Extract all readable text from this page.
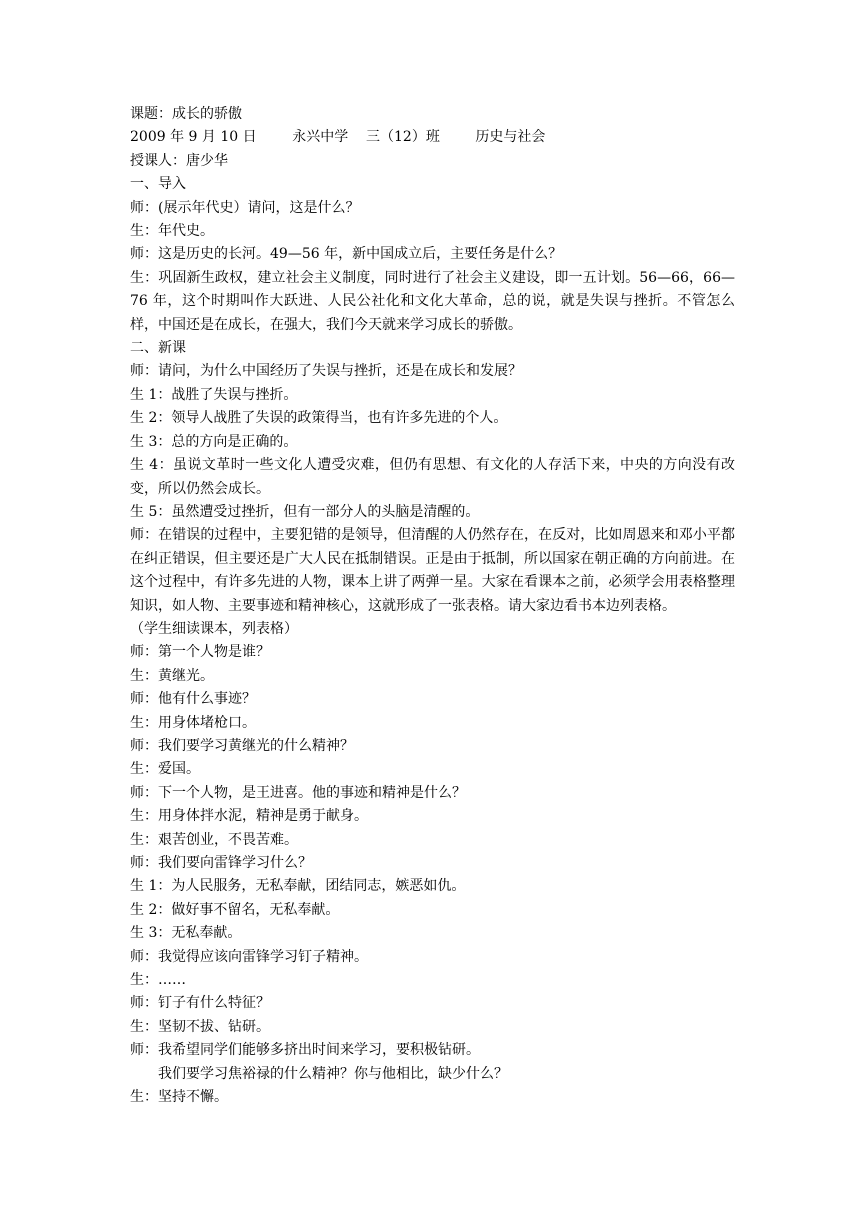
课题：成长的骄傲

2009 年 9 月 10 日        永兴中学    三（12）班        历史与社会

授课人：唐少华

一、导入

师：(展示年代史）请问，这是什么？

生：年代史。

师：这是历史的长河。49—56 年，新中国成立后，主要任务是什么？

生：巩固新生政权，建立社会主义制度，同时进行了社会主义建设，即一五计划。56—66，66—76 年，这个时期叫作大跃进、人民公社化和文化大革命，总的说，就是失误与挫折。不管怎么样，中国还是在成长，在强大，我们今天就来学习成长的骄傲。

二、新课

师：请问，为什么中国经历了失误与挫折，还是在成长和发展？

生 1：战胜了失误与挫折。

生 2：领导人战胜了失误的政策得当，也有许多先进的个人。

生 3：总的方向是正确的。

生 4：虽说文革时一些文化人遭受灾难，但仍有思想、有文化的人存活下来，中央的方向没有改变，所以仍然会成长。

生 5：虽然遭受过挫折，但有一部分人的头脑是清醒的。

师：在错误的过程中，主要犯错的是领导，但清醒的人仍然存在，在反对，比如周恩来和邓小平都在纠正错误，但主要还是广大人民在抵制错误。正是由于抵制，所以国家在朝正确的方向前进。在这个过程中，有许多先进的人物，课本上讲了两弹一星。大家在看课本之前，必须学会用表格整理知识，如人物、主要事迹和精神核心，这就形成了一张表格。请大家边看书本边列表格。

（学生细读课本，列表格）

师：第一个人物是谁？

生：黄继光。

师：他有什么事迹？

生：用身体堵枪口。

师：我们要学习黄继光的什么精神？

生：爱国。

师：下一个人物，是王进喜。他的事迹和精神是什么？

生：用身体拌水泥，精神是勇于献身。

生：艰苦创业，不畏苦难。

师：我们要向雷锋学习什么？

生 1：为人民服务，无私奉献，团结同志，嫉恶如仇。

生 2：做好事不留名，无私奉献。

生 3：无私奉献。

师：我觉得应该向雷锋学习钉子精神。

生：……

师：钉子有什么特征？

生：坚韧不拔、钻研。

师：我希望同学们能够多挤出时间来学习，要积极钻研。

我们要学习焦裕禄的什么精神？你与他相比，缺少什么？

生：坚持不懈。
